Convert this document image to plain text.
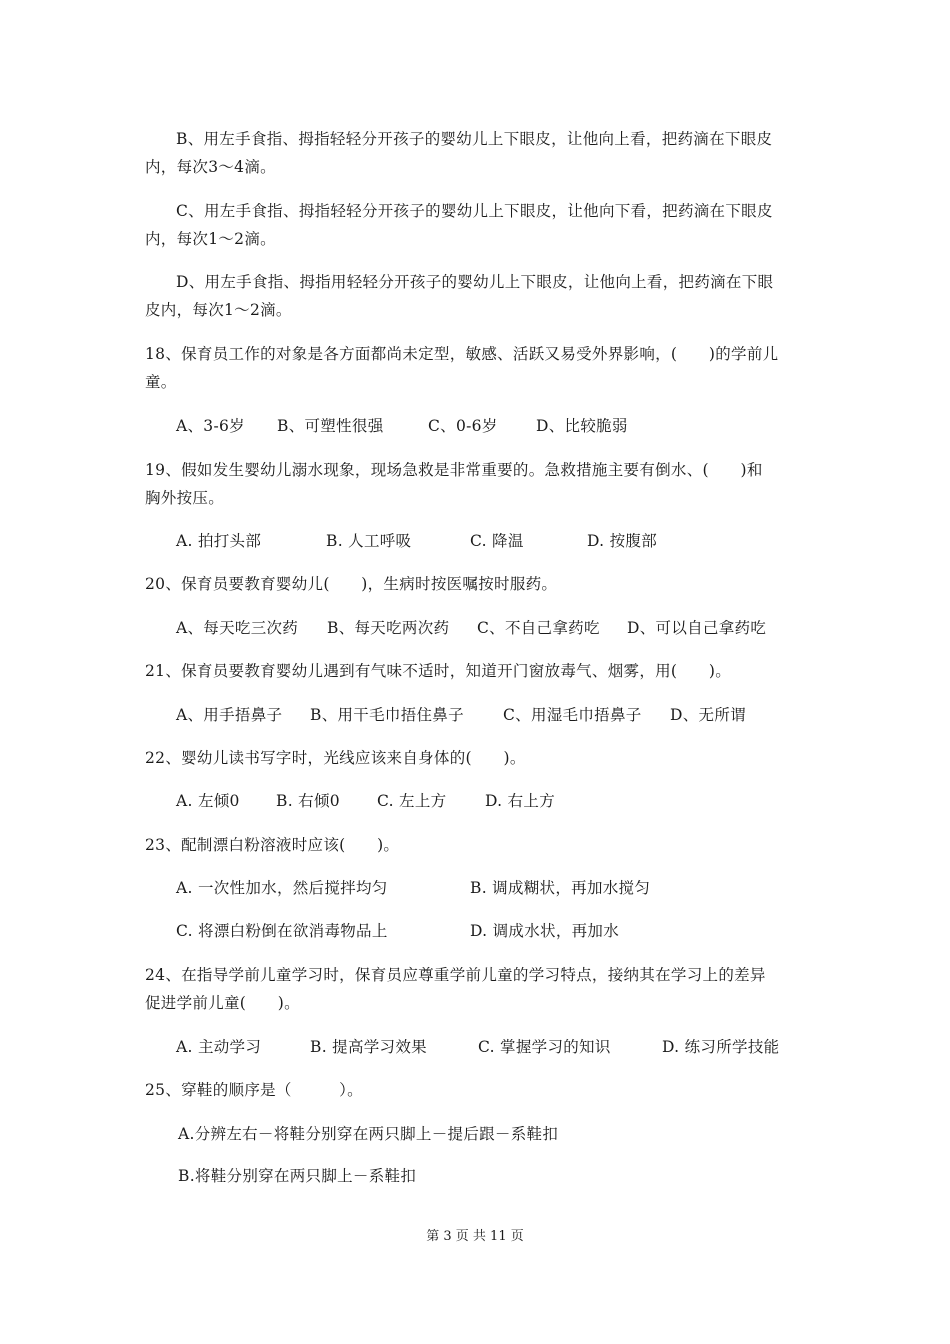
B、用左手食指、拇指轻轻分开孩子的婴幼儿上下眼皮，让他向上看，把药滴在下眼皮
内，每次3～4滴。
C、用左手食指、拇指轻轻分开孩子的婴幼儿上下眼皮，让他向下看，把药滴在下眼皮
内，每次1～2滴。
D、用左手食指、拇指用轻轻分开孩子的婴幼儿上下眼皮，让他向上看，把药滴在下眼
皮内，每次1～2滴。
18、保育员工作的对象是各方面都尚未定型，敏感、活跃又易受外界影响，(　　)的学前儿
童。
A、3-6岁 B、可塑性很强	C、0-6岁 D、比较脆弱
19、假如发生婴幼儿溺水现象，现场急救是非常重要的。急救措施主要有倒水、(　　)和
胸外按压。
A. 拍打头部	B. 人工呼吸	C. 降温	D. 按腹部
20、保育员要教育婴幼儿(　　)，生病时按医嘱按时服药。
A、每天吃三次药 B、每天吃两次药 C、不自己拿药吃 D、可以自己拿药吃
21、保育员要教育婴幼儿遇到有气味不适时，知道开门窗放毒气、烟雾，用(　　)。
A、用手捂鼻子 B、用干毛巾捂住鼻子	C、用湿毛巾捂鼻子 D、无所谓
22、婴幼儿读书写字时，光线应该来自身体的(　　)。
A. 左倾0 B. 右倾0 C. 左上方 D. 右上方
23、配制漂白粉溶液时应该(　　)。
A. 一次性加水，然后搅拌均匀	B. 调成糊状，再加水搅匀
C. 将漂白粉倒在欲消毒物品上	D. 调成水状，再加水
24、在指导学前儿童学习时，保育员应尊重学前儿童的学习特点，接纳其在学习上的差异
促进学前儿童(　　)。
A. 主动学习	B. 提高学习效果	C. 掌握学习的知识	D. 练习所学技能
25、穿鞋的顺序是（　　　）。
A.分辨左右－将鞋分别穿在两只脚上－提后跟－系鞋扣
B.将鞋分别穿在两只脚上－系鞋扣
第 3 页 共 11 页
